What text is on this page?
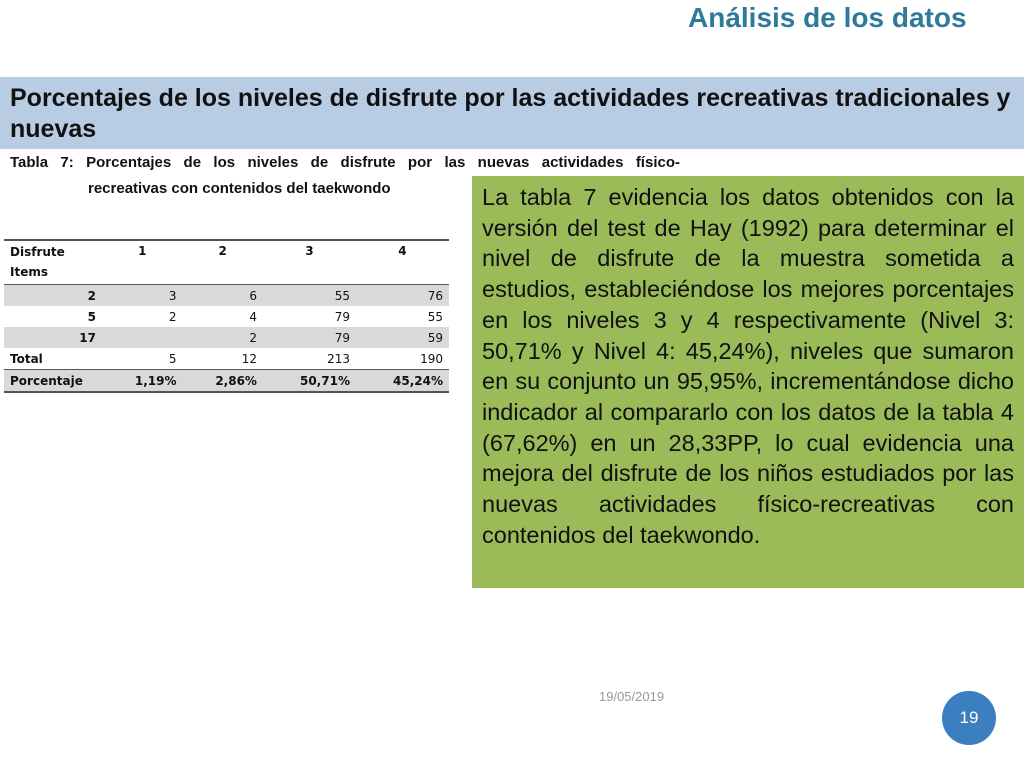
Análisis de los datos
Porcentajes de los niveles de disfrute por las actividades recreativas tradicionales y nuevas
Tabla 7: Porcentajes de los niveles de disfrute por las nuevas actividades físico-
recreativas con contenidos del taekwondo
Disfrute Items	1	2	3	4
2	3	6	55	76
5	2	4	79	55
17		2	79	59
Total	5	12	213	190
Porcentaje	1,19%	2,86%	50,71%	45,24%
La tabla 7 evidencia los datos obtenidos con la versión del test de Hay (1992) para determinar el nivel de disfrute de la muestra sometida a estudios, estableciéndose los mejores porcentajes en los niveles 3 y 4 respectivamente (Nivel 3: 50,71% y Nivel 4: 45,24%), niveles que sumaron en su conjunto un 95,95%, incrementándose dicho indicador al compararlo con los datos de la tabla 4 (67,62%) en un 28,33PP, lo cual evidencia una mejora del disfrute de los niños estudiados por las nuevas actividades físico-recreativas con contenidos del taekwondo.
19/05/2019
19
